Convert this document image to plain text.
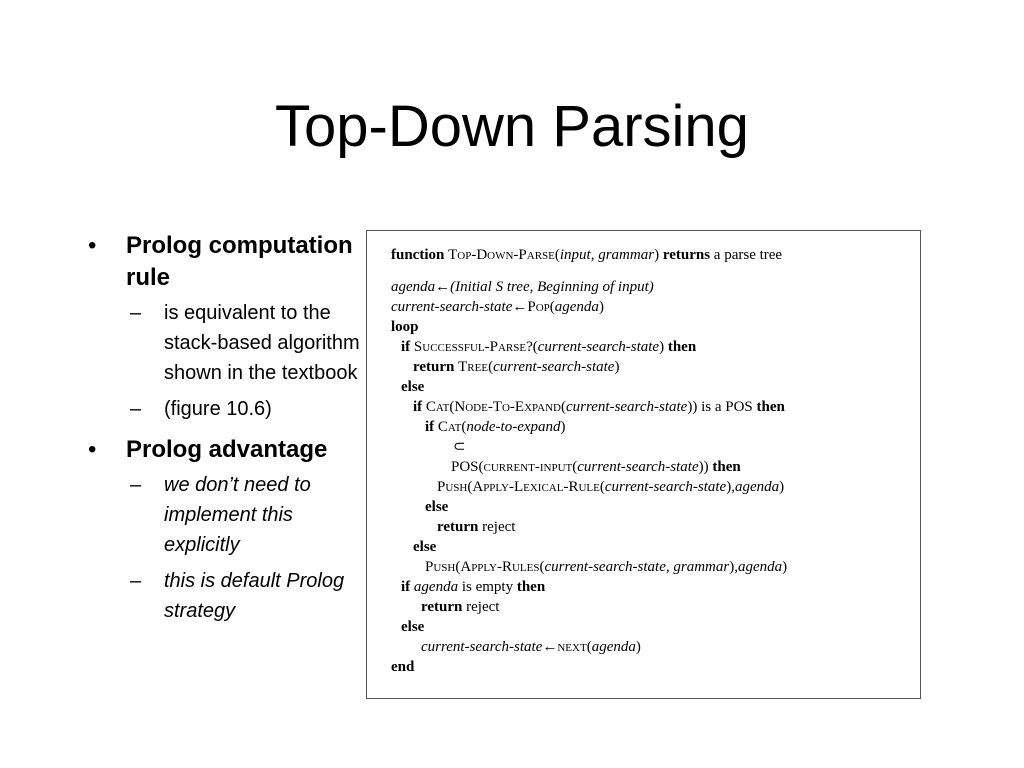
Top-Down Parsing
•	Prolog computation rule
–	is equivalent to the stack-based algorithm shown in the textbook
–	(figure 10.6)
•	Prolog advantage
–	we don’t need to implement this explicitly
–	this is default Prolog strategy
function Top-Down-Parse(input, grammar) returns a parse tree
agenda←(Initial S tree, Beginning of input)
current-search-state←Pop(agenda)
loop
if Successful-Parse?(current-search-state) then
return Tree(current-search-state)
else
if Cat(Node-To-Expand(current-search-state)) is a POS then
if Cat(node-to-expand)
⊂
POS(current-input(current-search-state)) then
Push(Apply-Lexical-Rule(current-search-state),agenda)
else
return reject
else
Push(Apply-Rules(current-search-state, grammar),agenda)
if agenda is empty then
return reject
else
current-search-state←next(agenda)
end
